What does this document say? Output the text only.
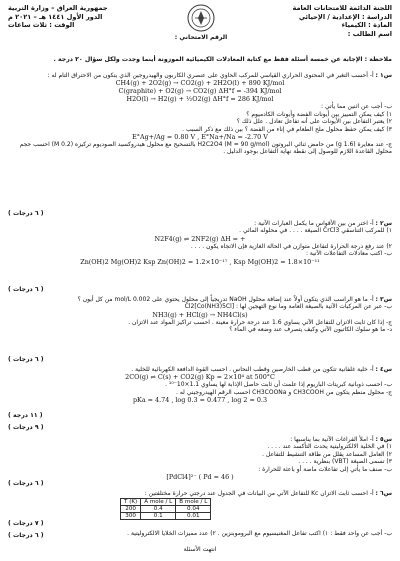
اللجنة الدائمة للامتحانات العامة
الدراسة : الإعدادية / الإحيائي
المادة : الكيمياء
اسم الطالب :
جمهورية العراق – وزارة التربية
الدور الأول ١٤٤١ هـ – ٢٠٢١ م
الوقت : ثلاث ساعات
الرقم الامتحاني :
ملاحظة : الإجابة عن خمسة أسئلة فقط مع كتابة المعادلات الكيميائية الموزونة أينما وجدت ولكل سؤال ٢٠ درجة .
س١ : أ- أحسب التغير في المحتوى الحراري القياسي للمركب الحاوي على عنصري الكاربون والهيدروجين الذي يتكون من الاحتراق التام له :
CH4(g) + 2O2(g) → CO2(g) + 2H2O(l) + 890 KJ/mol
C(graphite) + O2(g) → CO2(g) ΔH°f = -394 KJ/mol
H2O(l) → H2(g) + ½O2(g) ΔH°f = 286 KJ/mol
ب- أجب عن اثنين مما يأتي :
١) كيف يمكن التمييز بين أيونات الفضة وأيونات الكادميوم ؟
٢) يعتبر التفاعل بين الأيونات على أنه تفاعل تعادل . علل ذلك ؟
٣) كيف يمكن حفظ محلول ملح الطعام في إناء من الفضة ؟ بين ذلك مع ذكر السبب .
E°Ag+/Ag = 0.80 V , E°Na+/Na = -2.70 V
ج- عند معايرة (1.6 g) من حامض ثنائي البروتون (M = 90 g/mol) H2C2O4 بالتسحيح مع محلول هيدروكسيد الصوديوم تركيزه (0.2 M) احسب حجم محلول القاعدة اللازم للوصول إلى نقطة نهاية التفاعل بوجود الدليل .
( ٦ درجات )
س٢ : أ- اختر من بين الأقواس ما يكمل العبارات الآتية :
١) للمركب التناسقي CrCl3 الصيغة . . . . في محلوله المائي .
N2F4(g) ⇌ 2NF2(g) ΔH = +
٢) عند رفع درجة الحرارة لتفاعل متوازن في الحالة الغازية فإن الاتجاه يكون . . . .
ب- اكتب معادلات التفاعلات الآتية :
Zn(OH)2 Mg(OH)2 Ksp Zn(OH)2 = 1.2×10⁻¹⁷ , Ksp Mg(OH)2 = 1.8×10⁻¹¹
( ٦ درجات )
س٣ : أ- ما هو الراسب الذي يتكون أولاً عند إضافة محلول NaOH تدريجياً إلى محلول يحتوي على 0.002 mol/L من كل أيون ؟
ب- عبر عن المركبات الآتية بالصيغة العامة وما نوع التهجين لها : [Co(NH3)5Cl]Cl2
NH3(g) + HCl(g) → NH4Cl(s)
ج- إذا كان ثابت الاتزان للتفاعل الآتي يساوي 1.6 عند درجة حرارة معينة . احسب تراكيز المواد عند الاتزان .
د- ما هو سلوك الكاتيون الآتي وكيف يتصرف عند وضعه في الماء ؟
( ٦ درجات )
س٤ : أ- خلية غلفانية تتكون من قطب الخارصين وقطب النحاس . احسب القوة الدافعة الكهربائية للخلية .
2CO(g) ⇌ C(s) + CO2(g) Kp = 2×10⁴ at 500°C
ب- احسب ذوبانية كبريتات الباريوم إذا علمت أن ثابت حاصل الإذابة لها يساوي 1.1×10⁻¹⁰ .
ج- محلول منظم يتكون من CH3COOH و CH3COONa احسب الرقم الهيدروجيني له .
pKa = 4.74 , log 0.3 = 0.477 , log 2 = 0.3
( ١١ درجة )
( ٩ درجات )
س٥ : أ- املأ الفراغات الآتية بما يناسبها :
١) في الخلية الالكتروليتية يحدث التأكسد عند . . . .
٢) العامل المساعد يقلل من طاقة التنشيط للتفاعل .
٣) تسمى الصيغة (VBT) بنظرية . . . .
ب- صنف ما يأتي إلى تفاعلات ماصة أو باعثة للحرارة :
[PdCl4]²⁻ ( Pd = 46 )
( ٦ درجات )
س٦ : أ- احسب ثابت الاتزان Kc للتفاعل الآتي من البيانات في الجدول عند درجتي حرارة مختلفتين :
T (K)	A mole / L	B mole / L
200	0.4	0.04
300	0.1	0.01
( ٧ درجات )
( ٦ درجات )	ب- أجب عن واحد فقط : ١) اكتب تفاعل المغنيسيوم مع البروموبنزين . ٢) عدد مميزات الخلايا الالكتروليتية .
انتهت الأسئلة
